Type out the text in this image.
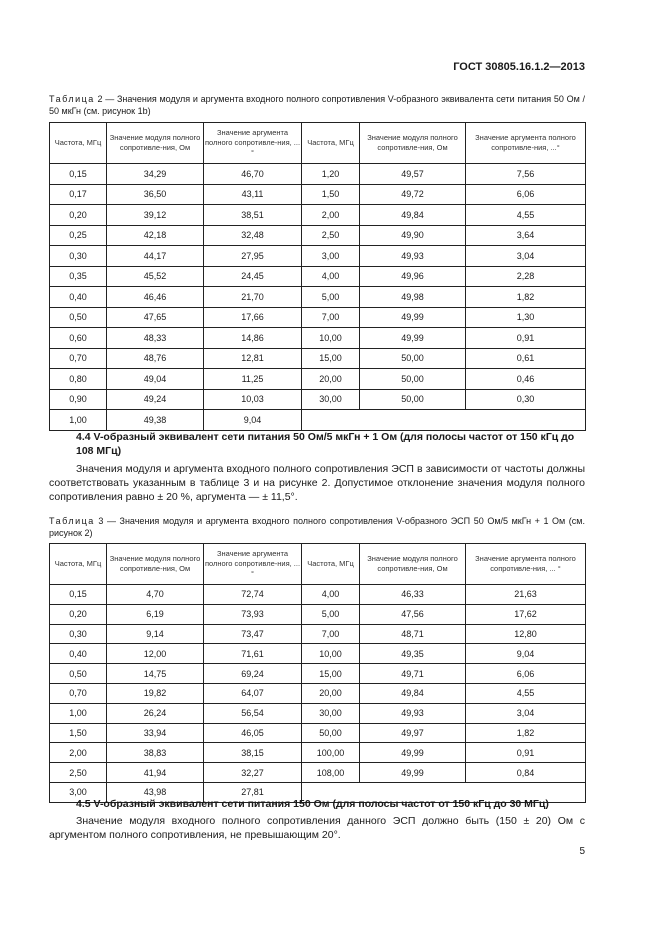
ГОСТ 30805.16.1.2—2013
Таблица 2 — Значения модуля и аргумента входного полного сопротивления V-образного эквивалента сети питания 50 Ом / 50 мкГн (см. рисунок 1b)
Частота, МГц	Значение модуля полного сопротивле-ния, Ом	Значение аргумента полного сопротивле-ния, ...°	Частота, МГц	Значение модуля полного сопротивле-ния, Ом	Значение аргумента полного сопротивле-ния, ...°
0,15	34,29	46,70	1,20	49,57	7,56
0,17	36,50	43,11	1,50	49,72	6,06
0,20	39,12	38,51	2,00	49,84	4,55
0,25	42,18	32,48	2,50	49,90	3,64
0,30	44,17	27,95	3,00	49,93	3,04
0,35	45,52	24,45	4,00	49,96	2,28
0,40	46,46	21,70	5,00	49,98	1,82
0,50	47,65	17,66	7,00	49,99	1,30
0,60	48,33	14,86	10,00	49,99	0,91
0,70	48,76	12,81	15,00	50,00	0,61
0,80	49,04	11,25	20,00	50,00	0,46
0,90	49,24	10,03	30,00	50,00	0,30
1,00	49,38	9,04			
4.4 V-образный эквивалент сети питания 50 Ом/5 мкГн + 1 Ом (для полосы частот от 150 кГц до 108 МГц)
Значения модуля и аргумента входного полного сопротивления ЭСП в зависимости от частоты должны соответствовать указанным в таблице 3 и на рисунке 2. Допустимое отклонение значения модуля полного сопротивления равно ± 20 %, аргумента — ± 11,5°.
Таблица 3 — Значения модуля и аргумента входного полного сопротивления V-образного ЭСП 50 Ом/5 мкГн + 1 Ом (см. рисунок 2)
Частота, МГц	Значение модуля полного сопротивле-ния, Ом	Значение аргумента полного сопротивле-ния, ... °	Частота, МГц	Значение модуля полного сопротивле-ния, Ом	Значение аргумента полного сопротивле-ния, ... °
0,15	4,70	72,74	4,00	46,33	21,63
0,20	6,19	73,93	5,00	47,56	17,62
0,30	9,14	73,47	7,00	48,71	12,80
0,40	12,00	71,61	10,00	49,35	9,04
0,50	14,75	69,24	15,00	49,71	6,06
0,70	19,82	64,07	20,00	49,84	4,55
1,00	26,24	56,54	30,00	49,93	3,04
1,50	33,94	46,05	50,00	49,97	1,82
2,00	38,83	38,15	100,00	49,99	0,91
2,50	41,94	32,27	108,00	49,99	0,84
3,00	43,98	27,81			
4.5 V-образный эквивалент сети питания 150 Ом (для полосы частот от 150 кГц до 30 МГц)
Значение модуля входного полного сопротивления данного ЭСП должно быть (150 ± 20) Ом с аргументом полного сопротивления, не превышающим 20°.
5
